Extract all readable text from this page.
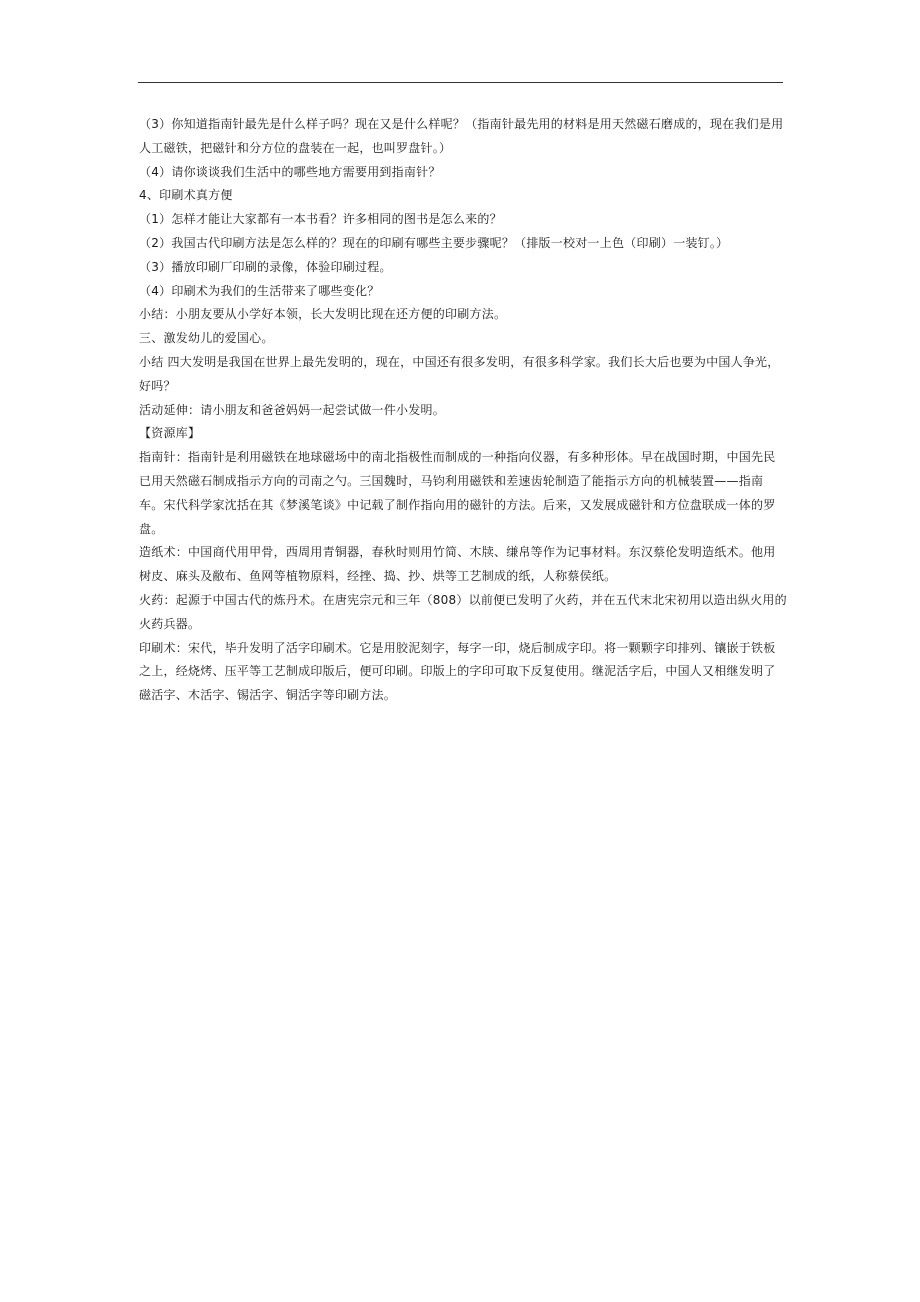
（3）你知道指南针最先是什么样子吗？现在又是什么样呢？（指南针最先用的材料是用天然磁石磨成的，现在我们是用人工磁铁，把磁针和分方位的盘装在一起，也叫罗盘针。）

（4）请你谈谈我们生活中的哪些地方需要用到指南针？

4、印刷术真方便

（1）怎样才能让大家都有一本书看？许多相同的图书是怎么来的？

（2）我国古代印刷方法是怎么样的？现在的印刷有哪些主要步骤呢？（排版一校对一上色（印刷）一装钉。）

（3）播放印刷厂印刷的录像，体验印刷过程。

（4）印刷术为我们的生活带来了哪些变化？

小结：小朋友要从小学好本领，长大发明比现在还方便的印刷方法。

三、激发幼儿的爱国心。

小结 四大发明是我国在世界上最先发明的，现在，中国还有很多发明，有很多科学家。我们长大后也要为中国人争光，好吗？

活动延伸：请小朋友和爸爸妈妈一起尝试做一件小发明。

【资源库】

指南针：指南针是利用磁铁在地球磁场中的南北指极性而制成的一种指向仪器，有多种形体。早在战国时期，中国先民已用天然磁石制成指示方向的司南之勺。三国魏时，马钧利用磁铁和差速齿轮制造了能指示方向的机械装置——指南车。宋代科学家沈括在其《梦溪笔谈》中记载了制作指向用的磁针的方法。后来，又发展成磁针和方位盘联成一体的罗盘。

造纸术：中国商代用甲骨，西周用青铜器，春秋时则用竹简、木牍、缣帛等作为记事材料。东汉蔡伦发明造纸术。他用树皮、麻头及敝布、鱼网等植物原料，经挫、捣、抄、烘等工艺制成的纸，人称蔡侯纸。

火药：起源于中国古代的炼丹术。在唐宪宗元和三年（808）以前便已发明了火药，并在五代末北宋初用以造出纵火用的火药兵器。

印刷术：宋代，毕升发明了活字印刷术。它是用胶泥刻字，每字一印，烧后制成字印。将一颗颗字印排列、镶嵌于铁板之上，经烧烤、压平等工艺制成印版后，便可印刷。印版上的字印可取下反复使用。继泥活字后，中国人又相继发明了磁活字、木活字、锡活字、铜活字等印刷方法。
